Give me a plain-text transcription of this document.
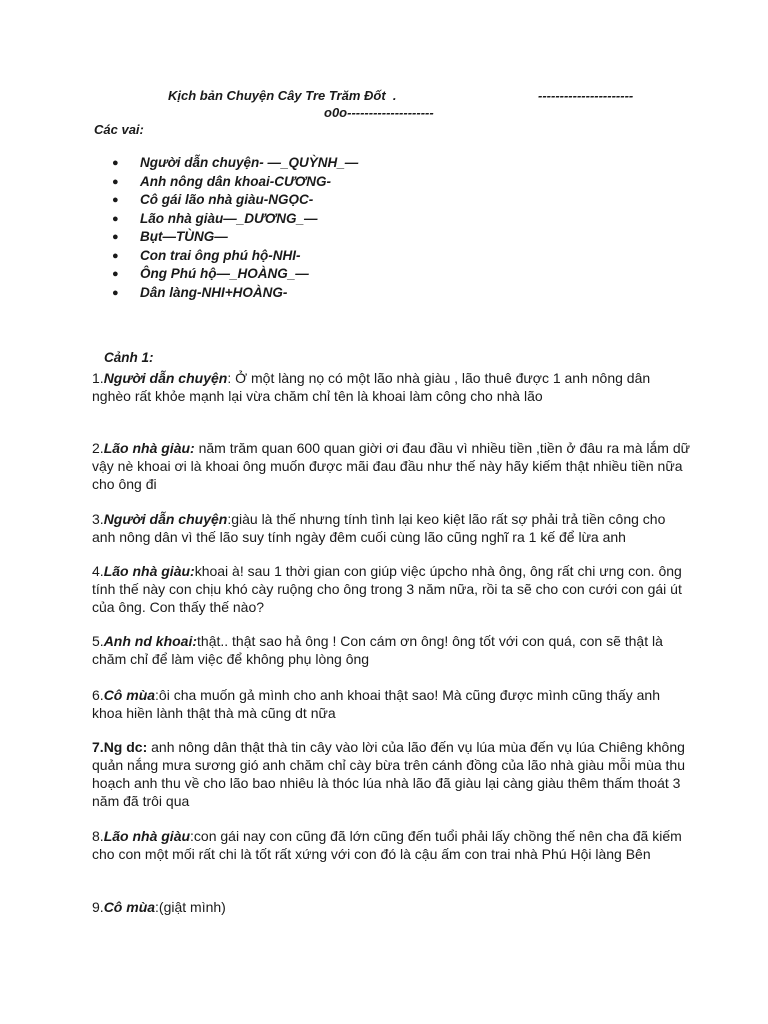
Kịch bản Chuyện Cây Tre Trăm Đốt  .	----------------------
o0o--------------------
Các vai:
● Người dẫn chuyện- —_QUỲNH_—
● Anh nông dân khoai-CƯƠNG-
● Cô gái lão nhà giàu-NGỌC-
● Lão nhà giàu—_DƯƠNG_—
● Bụt—TÙNG—
● Con trai ông phú hộ-NHI-
● Ông Phú hộ—_HOÀNG_—
● Dân làng-NHI+HOÀNG-
Cảnh 1:
1.Người dẫn chuyện: Ở một làng nọ có một lão nhà giàu , lão thuê được 1 anh nông dân nghèo rất khỏe mạnh lại vừa chăm chỉ tên là khoai làm công cho nhà lão
2.Lão nhà giàu: năm trăm quan 600 quan giời ơi đau đầu vì nhiều tiền ,tiền ở đâu ra mà lắm dữ vậy nè khoai ơi là khoai ông muốn được mãi đau đầu như thế này hãy kiếm thật nhiều tiền nữa cho ông đi
3.Người dẫn chuyện:giàu là thế nhưng tính tình lại keo kiệt lão rất sợ phải trả tiền công cho anh nông dân vì thế lão suy tính ngày đêm cuối cùng lão cũng nghĩ ra 1 kế để lừa anh
4.Lão nhà giàu:khoai à! sau 1 thời gian con giúp việc úpcho nhà ông, ông rất chi ưng con. ông tính thế này con chịu khó cày ruộng cho ông trong 3 năm nữa, rồi ta sẽ cho con cưới con gái út của ông. Con thấy thế nào?
5.Anh nd khoai:thật.. thật sao hả ông ! Con cám ơn ông! ông tốt với con quá, con sẽ thật là chăm chỉ để làm việc để không phụ lòng ông
6.Cô mùa:ôi cha muốn gả mình cho anh khoai thật sao! Mà cũng được mình cũng thấy anh khoa hiền lành thật thà mà cũng dt nữa
7.Ng dc: anh nông dân thật thà tin cây vào lời của lão đến vụ lúa mùa đến vụ lúa Chiêng không quản nắng mưa sương gió anh chăm chỉ cày bừa trên cánh đồng của lão nhà giàu mỗi mùa thu hoạch anh thu về cho lão bao nhiêu là thóc lúa nhà lão đã giàu lại càng giàu thêm thấm thoát 3 năm đã trôi qua
8.Lão nhà giàu:con gái nay con cũng đã lớn cũng đến tuổi phải lấy chồng thế nên cha đã kiếm cho con một mối rất chi là tốt rất xứng với con đó là cậu ấm con trai nhà Phú Hội làng Bên
9.Cô mùa:(giật mình)
